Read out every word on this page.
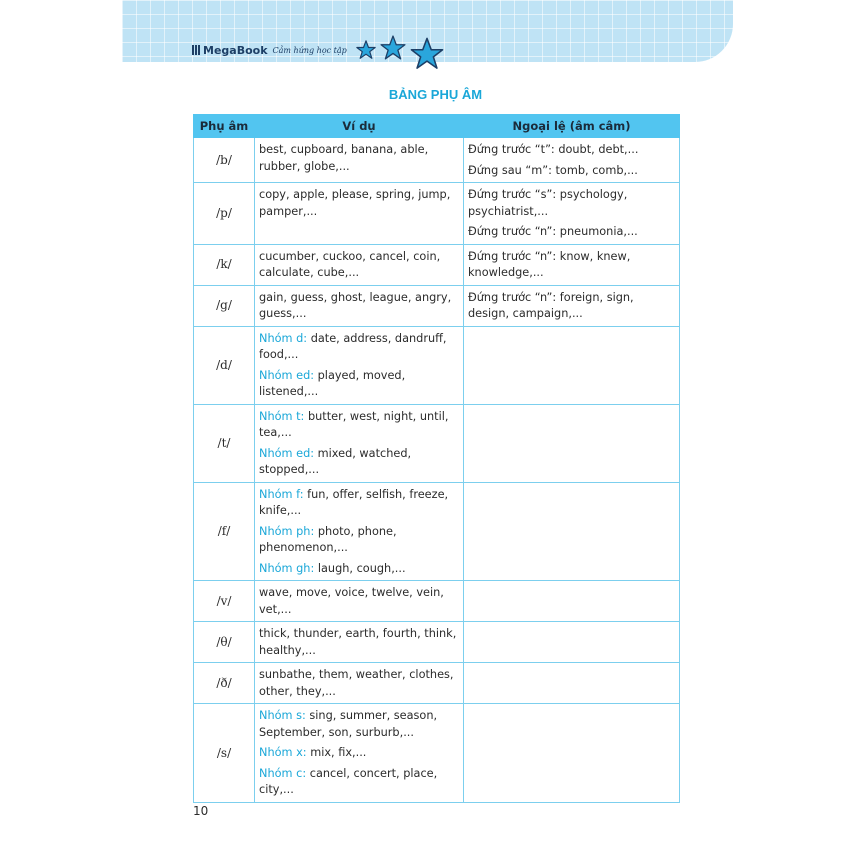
MegaBook Cảm hứng học tập
BẢNG PHỤ ÂM
Phụ âm	Ví dụ	Ngoại lệ (âm câm)
/b/	best, cupboard, banana, able, rubber, globe,...	Đứng trước “t”: doubt, debt,...
Đứng sau “m”: tomb, comb,...

/p/	copy, apple, please, spring, jump, pamper,...	Đứng trước “s”: psychology, psychiatrist,...
Đứng trước “n”: pneumonia,...

/k/	cucumber, cuckoo, cancel, coin, calculate, cube,...	Đứng trước “n”: know, knew, knowledge,...

/g/	gain, guess, ghost, league, angry, guess,...	Đứng trước “n”: foreign, sign, design, campaign,...

/d/	Nhóm d: date, address, dandruff, food,...
Nhóm ed: played, moved, listened,...	

/t/	Nhóm t: butter, west, night, until, tea,...
Nhóm ed: mixed, watched, stopped,...	

/f/	Nhóm f: fun, offer, selfish, freeze, knife,...
Nhóm ph: photo, phone, phenomenon,...
Nhóm gh: laugh, cough,...	

/v/	wave, move, voice, twelve, vein, vet,...	

/θ/	thick, thunder, earth, fourth, think, healthy,...	

/ð/	sunbathe, them, weather, clothes, other, they,...	

/s/	Nhóm s: sing, summer, season, September, son, surburb,...
Nhóm x: mix, fix,...
Nhóm c: cancel, concert, place, city,...	

10
